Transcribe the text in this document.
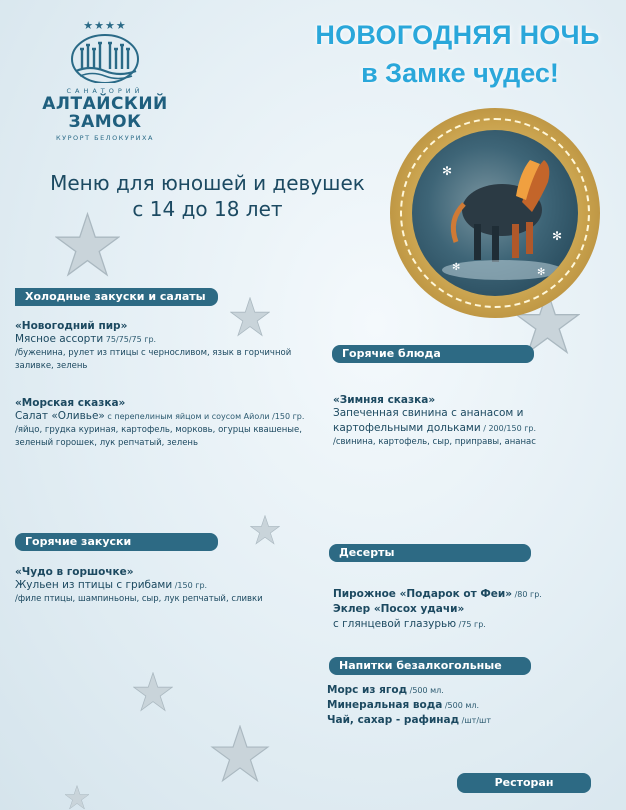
★★★★
САНАТОРИЙ
АЛТАЙСКИЙ
ЗАМОК
КУРОРТ БЕЛОКУРИХА
НОВОГОДНЯЯ НОЧЬ
в Замке чудес!
Меню для юношей и девушек
с 14 до 18 лет
✻
✻
✻	✻
Холодные закуски и салаты
«Новогодний пир»
Мясное ассорти 75/75/75 гр.
/буженина, рулет из птицы с черносливом, язык в горчичной заливке, зелень
«Морская сказка»
Салат «Оливье» с перепелиным яйцом и соусом Айоли /150 гр.
/яйцо, грудка куриная, картофель, морковь, огурцы квашеные, зеленый горошек, лук репчатый, зелень
Горячие блюда
«Зимняя сказка»
Запеченная свинина с ананасом и картофельными дольками / 200/150 гр.
/свинина, картофель, сыр, приправы, ананас
Горячие закуски
«Чудо в горшочке»
Жульен из птицы с грибами /150 гр.
/филе птицы, шампиньоны, сыр, лук репчатый, сливки
Десерты
Пирожное «Подарок от Феи» /80 гр.
Эклер «Посох удачи»
с глянцевой глазурью /75 гр.
Напитки безалкогольные
Морс из ягод /500 мл.
Минеральная вода /500 мл.
Чай, сахар - рафинад /шт/шт
Ресторан
